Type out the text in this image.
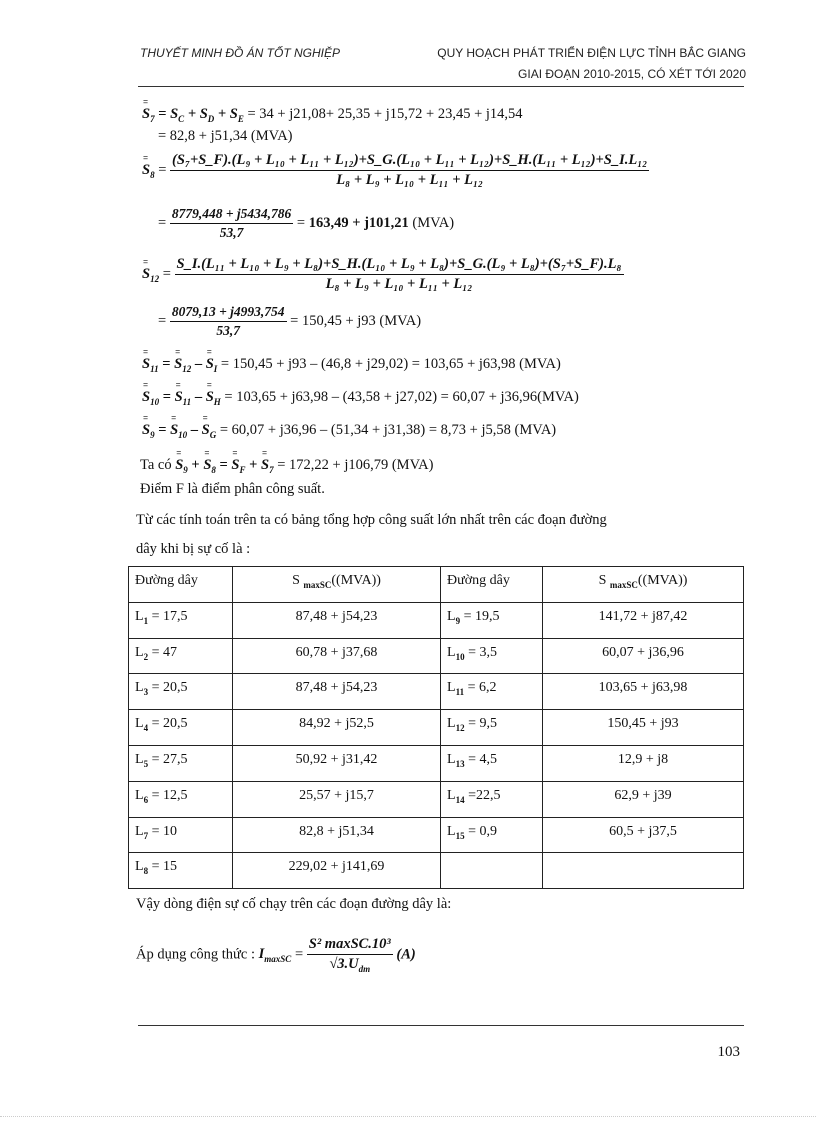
THUYẾT MINH ĐỒ ÁN TỐT NGHIỆP	QUY HOẠCH PHÁT TRIỂN ĐIỆN LỰC TỈNH BẮC GIANG
GIAI ĐOẠN 2010-2015, CÓ XÉT TỚI 2020
= $S_7 = S_C + S_D + S_E = 34 + j21,08+ 25,35 + j15,72 + 23,45 + j14,54$
= 82,8 + j51,34 (MVA)
= $S_8$ =
(S₇+S_F).(L₉ + L₁₀ + L₁₁ + L₁₂)+S_G.(L₁₀ + L₁₁ + L₁₂)+S_H.(L₁₁ + L₁₂)+S_I.L₁₂
L₈ + L₉ + L₁₀ + L₁₁ + L₁₂
= $\frac{8779,448 + j5434,786}{53,7} = 163,49 + j101,21$ (MVA)
= $S_{12}$ =
S_I.(L₁₁ + L₁₀ + L₉ + L₈)+S_H.(L₁₀ + L₉ + L₈)+S_G.(L₉ + L₈)+(S₇+S_F).L₈
L₈ + L₉ + L₁₀ + L₁₁ + L₁₂
= $\frac{8079,13 + j4993,754}{53,7} = 150,45 + j93$ (MVA)
= $S_{11}$ = = $S_{12}$ – = $S_I = 150,45 + j93 - (46,8 + j29,02) = 103,65 + j63,98$ (MVA)
= $S_{10}$ = = $S_{11}$ – = $S_H = 103,65 + j63,98 - (43,58 + j27,02) = 60,07 + j36,96(MVA)$
= $S_9$ = = $S_{10}$ – = $S_G = 60,07 + j36,96 - (51,34 + j31,38) = 8,73 + j5,58$ (MVA)
Ta có = $S_9$ + = $S_8$ = = $S_F$ + = $S_7 = 172,22 + j106,79$ (MVA)
Điểm F là điểm phân công suất.
Từ các tính toán trên ta có bảng tổng hợp công suất lớn nhất trên các đoạn đường
dây khi bị sự cố là :
Đường dây	S $_{maxSC}$((MVA))	Đường dây	S $_{maxSC}$((MVA))
$L_1 = 17,5$	87,48 + j54,23	$L_9 = 19,5$	141,72 + j87,42
$L_2 = 47$	60,78 + j37,68	$L_{10} = 3,5$	60,07 + j36,96
$L_3 = 20,5$	87,48 + j54,23	$L_{11} = 6,2$	103,65 + j63,98
$L_4 = 20,5$	84,92 + j52,5	$L_{12} = 9,5$	150,45 + j93
$L_5 = 27,5$	50,92 + j31,42	$L_{13} = 4,5$	12,9 + j8
$L_6 = 12,5$	25,57 + j15,7	$L_{14} =22,5$	62,9 + j39
$L_7 = 10$	82,8 + j51,34	$L_{15} = 0,9$	60,5 + j37,5
$L_8 = 15$	229,02 + j141,69		
Vậy dòng điện sự cố chạy trên các đoạn đường dây là:
Áp dụng công thức : $I_{maxSC} = \frac{\text{S² maxSC.10³}}{√3.U_{dm}} (A)$
103
